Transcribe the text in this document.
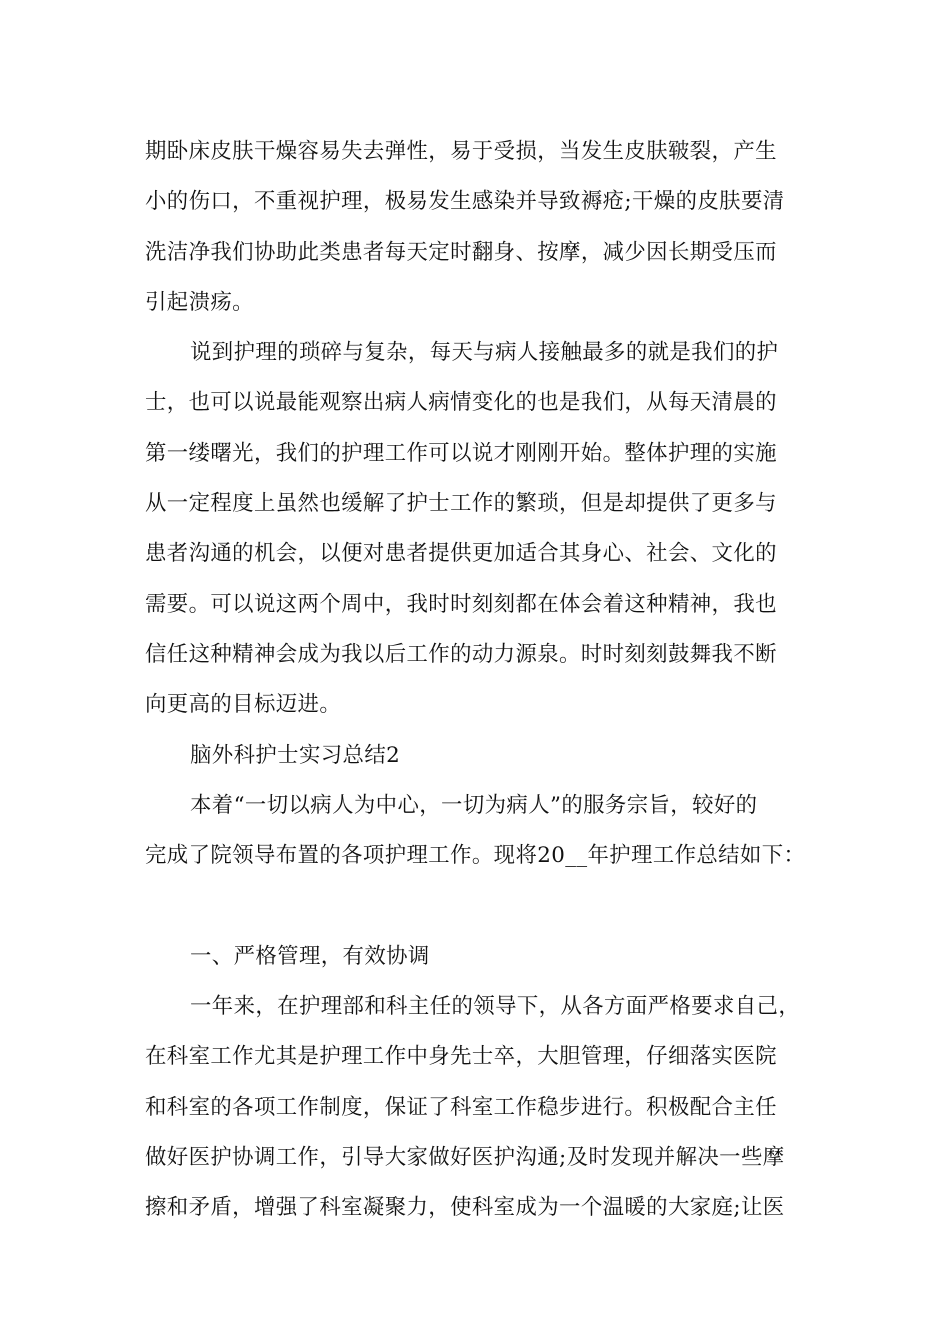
期卧床皮肤干燥容易失去弹性，易于受损，当发生皮肤皲裂，产生
小的伤口，不重视护理，极易发生感染并导致褥疮;干燥的皮肤要清
洗洁净我们协助此类患者每天定时翻身、按摩，减少因长期受压而
引起溃疡。
说到护理的琐碎与复杂，每天与病人接触最多的就是我们的护
士，也可以说最能观察出病人病情变化的也是我们，从每天清晨的
第一缕曙光，我们的护理工作可以说才刚刚开始。整体护理的实施
从一定程度上虽然也缓解了护士工作的繁琐，但是却提供了更多与
患者沟通的机会，以便对患者提供更加适合其身心、社会、文化的
需要。可以说这两个周中，我时时刻刻都在体会着这种精神，我也
信任这种精神会成为我以后工作的动力源泉。时时刻刻鼓舞我不断
向更高的目标迈进。
脑外科护士实习总结2
本着“一切以病人为中心，一切为病人”的服务宗旨，较好的
完成了院领导布置的各项护理工作。现将20__年护理工作总结如下：
一、严格管理，有效协调
一年来，在护理部和科主任的领导下，从各方面严格要求自己，
在科室工作尤其是护理工作中身先士卒，大胆管理，仔细落实医院
和科室的各项工作制度，保证了科室工作稳步进行。积极配合主任
做好医护协调工作，引导大家做好医护沟通;及时发现并解决一些摩
擦和矛盾，增强了科室凝聚力，使科室成为一个温暖的大家庭;让医
